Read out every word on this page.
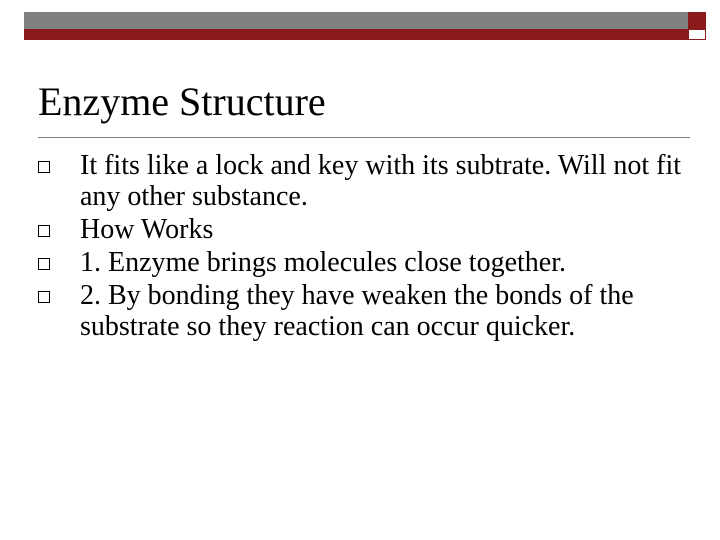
Enzyme Structure
It fits like a lock and key with its subtrate. Will not fit any other substance.
How Works
1. Enzyme brings molecules close together.
2. By bonding they have weaken the bonds of the substrate so they reaction can occur quicker.
